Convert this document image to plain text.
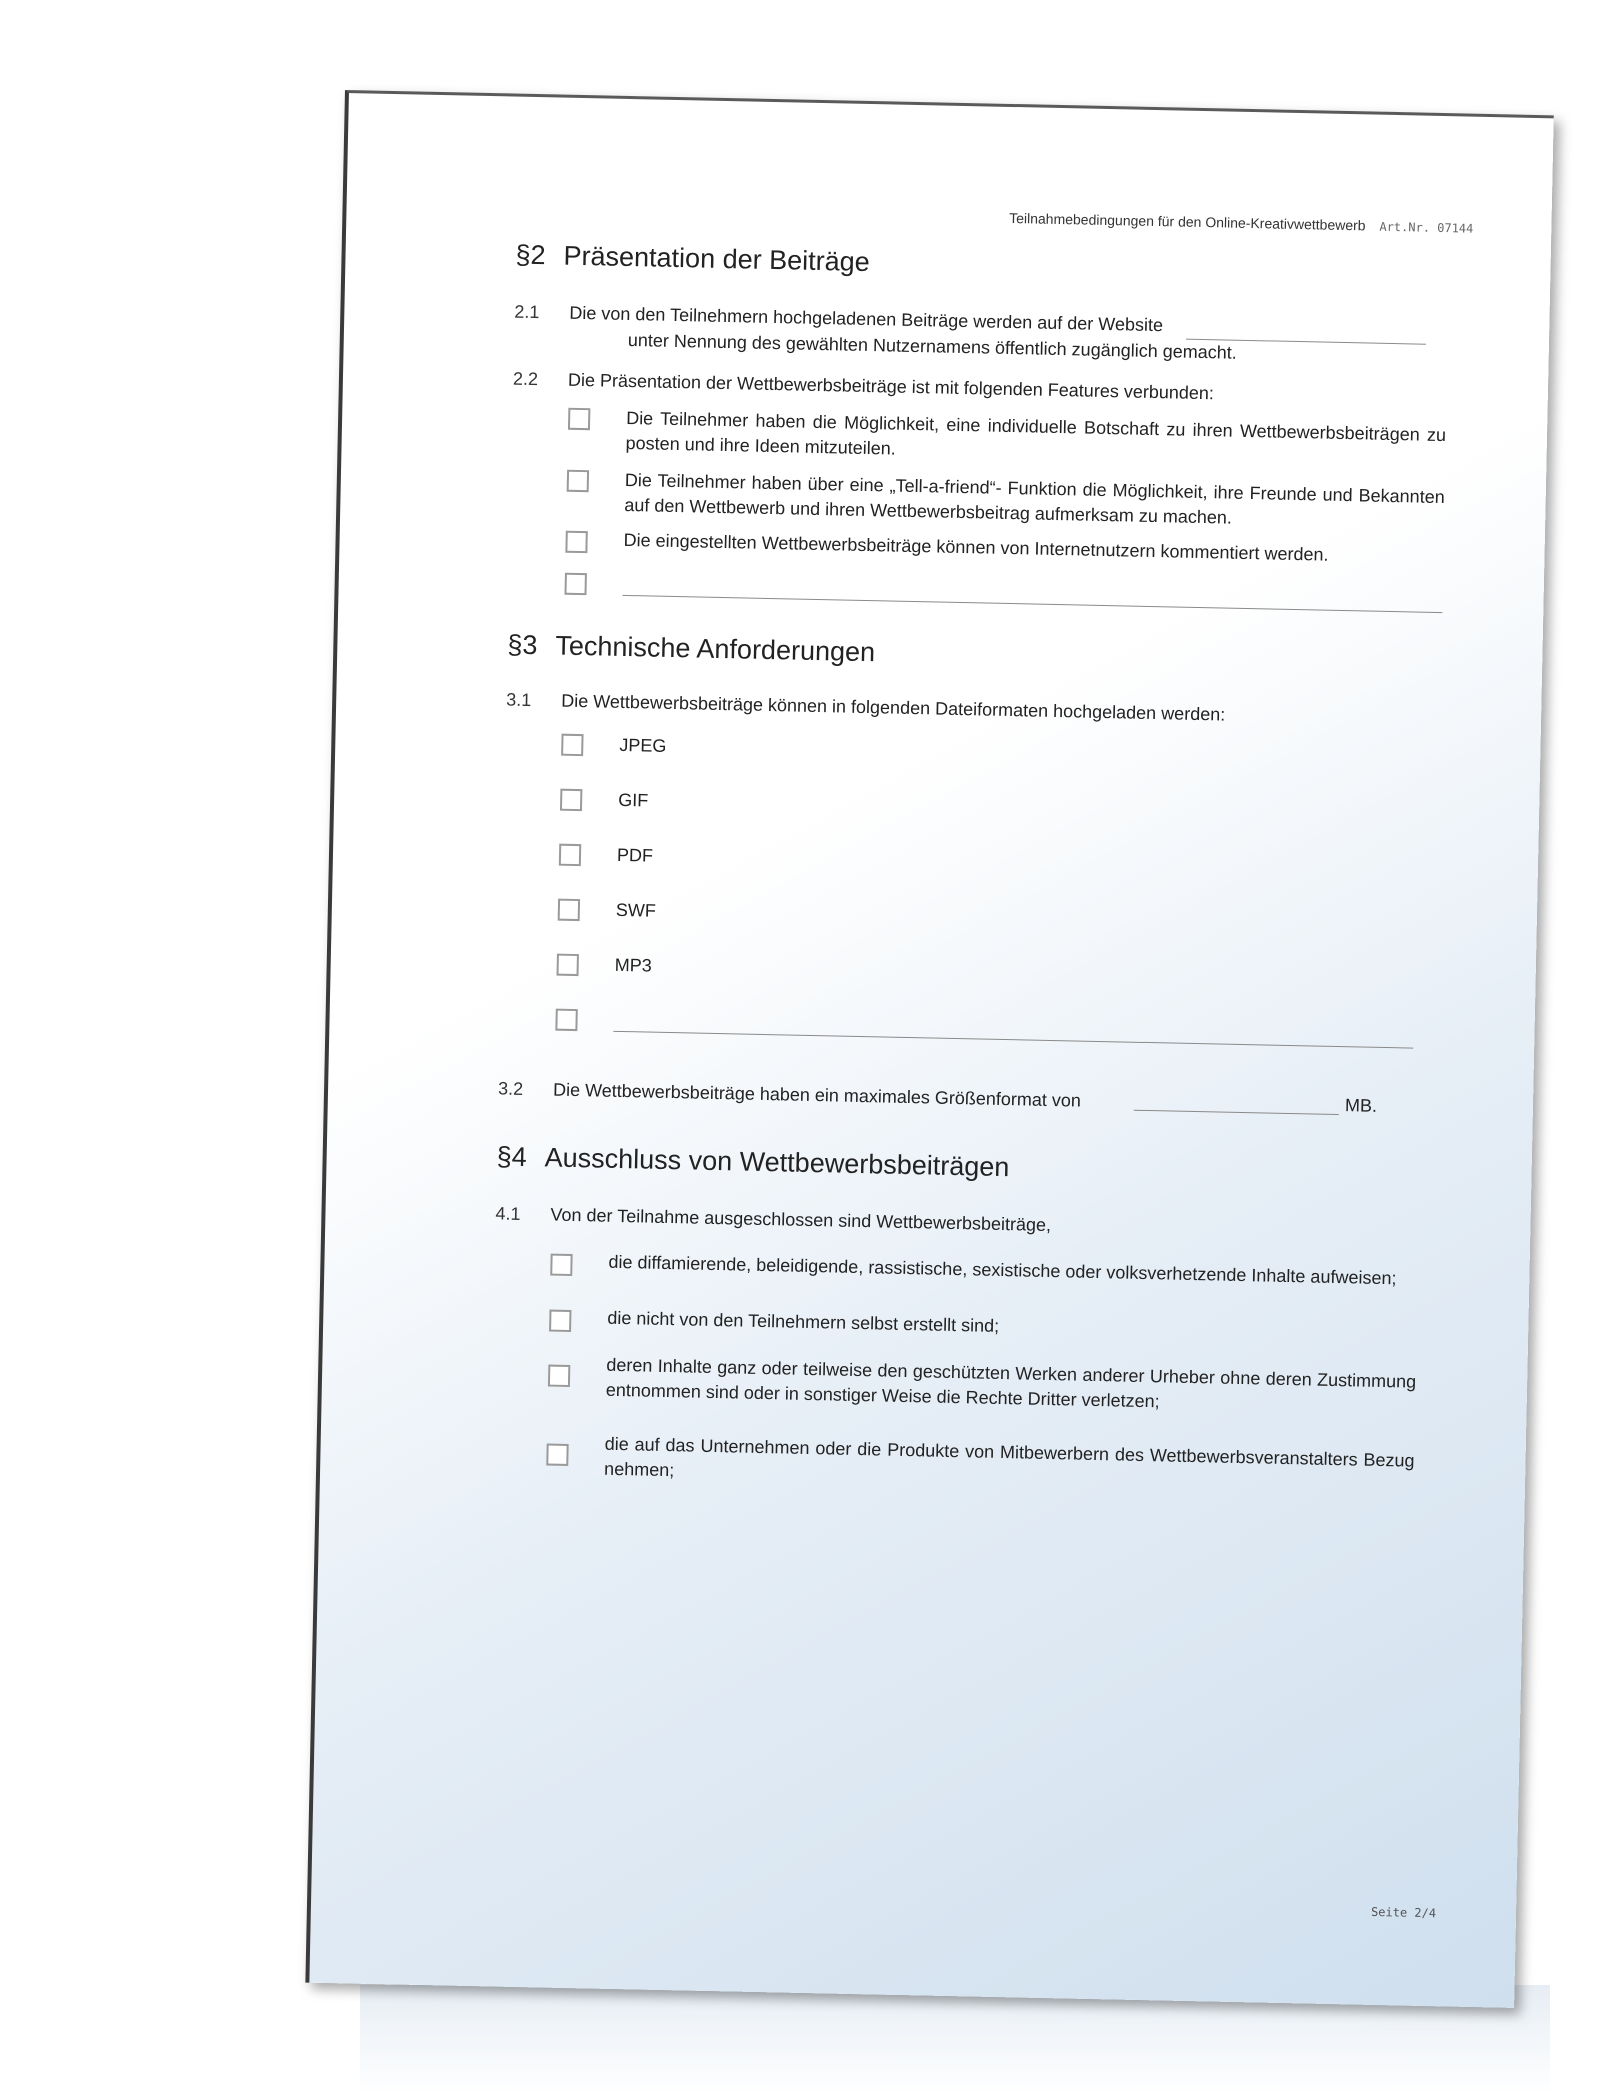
Teilnahmebedingungen für den Online-Kreativwettbewerb Art.Nr. 07144
§2 Präsentation der Beiträge
2.1 Die von den Teilnehmern hochgeladenen Beiträge werden auf der Website
unter Nennung des gewählten Nutzernamens öffentlich zugänglich gemacht.
2.2 Die Präsentation der Wettbewerbsbeiträge ist mit folgenden Features verbunden:
Die Teilnehmer haben die Möglichkeit, eine individuelle Botschaft zu ihren Wettbewerbsbeiträgen zu posten und ihre Ideen mitzuteilen.
Die Teilnehmer haben über eine „Tell-a-friend“- Funktion die Möglichkeit, ihre Freunde und Bekannten auf den Wettbewerb und ihren Wettbewerbsbeitrag aufmerksam zu machen.
Die eingestellten Wettbewerbsbeiträge können von Internetnutzern kommentiert werden.
§3 Technische Anforderungen
3.1 Die Wettbewerbsbeiträge können in folgenden Dateiformaten hochgeladen werden:
JPEG
GIF
PDF
SWF
MP3
3.2 Die Wettbewerbsbeiträge haben ein maximales Größenformat von	MB.
§4 Ausschluss von Wettbewerbsbeiträgen
4.1 Von der Teilnahme ausgeschlossen sind Wettbewerbsbeiträge,
die diffamierende, beleidigende, rassistische, sexistische oder volksverhetzende Inhalte aufweisen;
die nicht von den Teilnehmern selbst erstellt sind;
deren Inhalte ganz oder teilweise den geschützten Werken anderer Urheber ohne deren Zustimmung entnommen sind oder in sonstiger Weise die Rechte Dritter verletzen;
die auf das Unternehmen oder die Produkte von Mitbewerbern des Wettbewerbsveranstalters Bezug nehmen;
Seite 2/4
